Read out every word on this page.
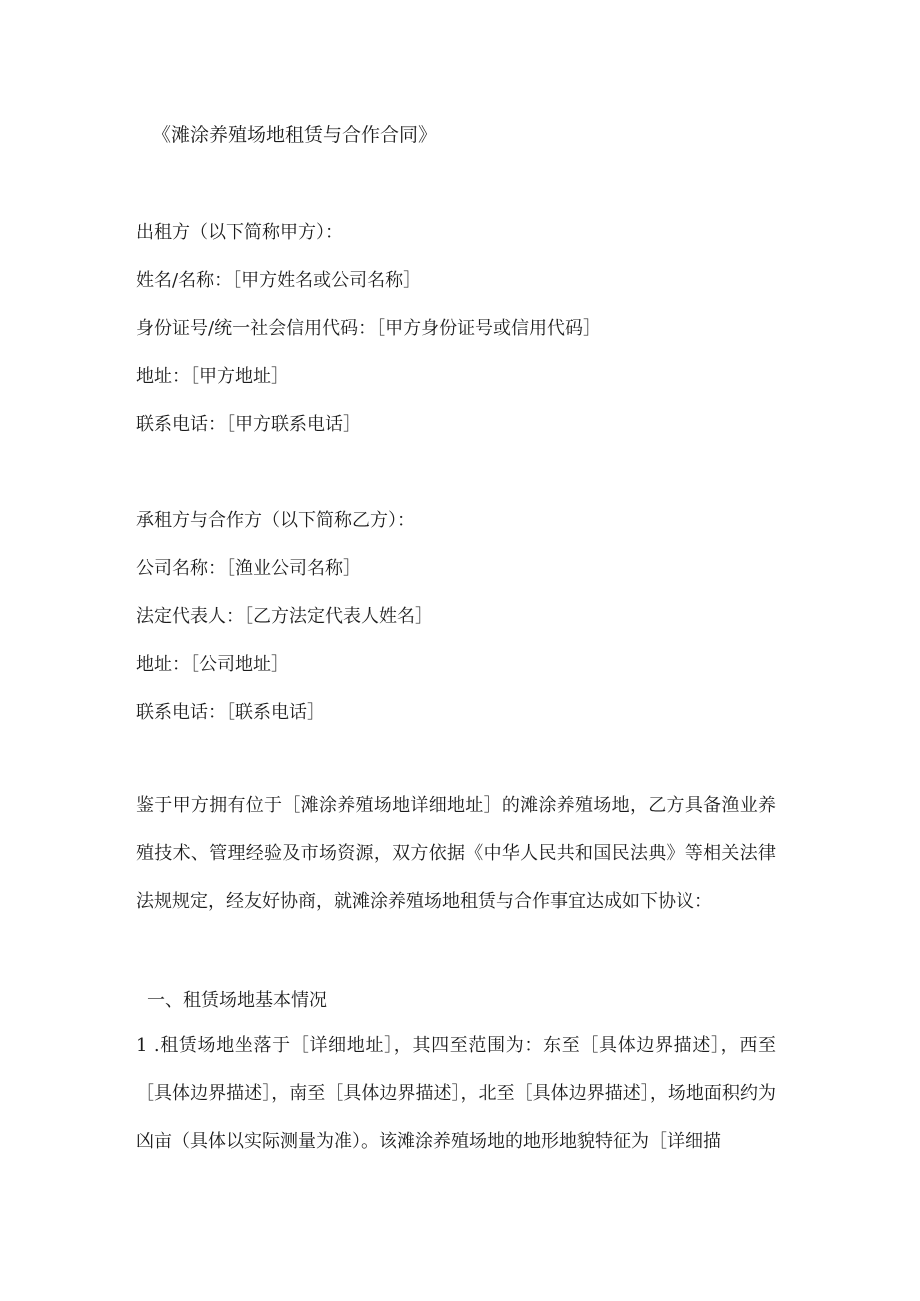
《滩涂养殖场地租赁与合作合同》
出租方（以下简称甲方）：
姓名/名称：［甲方姓名或公司名称］
身份证号/统一社会信用代码：［甲方身份证号或信用代码］
地址：［甲方地址］
联系电话：［甲方联系电话］
承租方与合作方（以下简称乙方）：
公司名称：［渔业公司名称］
法定代表人：［乙方法定代表人姓名］
地址：［公司地址］
联系电话：［联系电话］
鉴于甲方拥有位于［滩涂养殖场地详细地址］的滩涂养殖场地，乙方具备渔业养殖技术、管理经验及市场资源，双方依据《中华人民共和国民法典》等相关法律法规规定，经友好协商，就滩涂养殖场地租赁与合作事宜达成如下协议：
一、租赁场地基本情况
1 .租赁场地坐落于［详细地址］，其四至范围为：东至［具体边界描述］，西至［具体边界描述］，南至［具体边界描述］，北至［具体边界描述］，场地面积约为凶亩（具体以实际测量为准）。该滩涂养殖场地的地形地貌特征为［详细描
